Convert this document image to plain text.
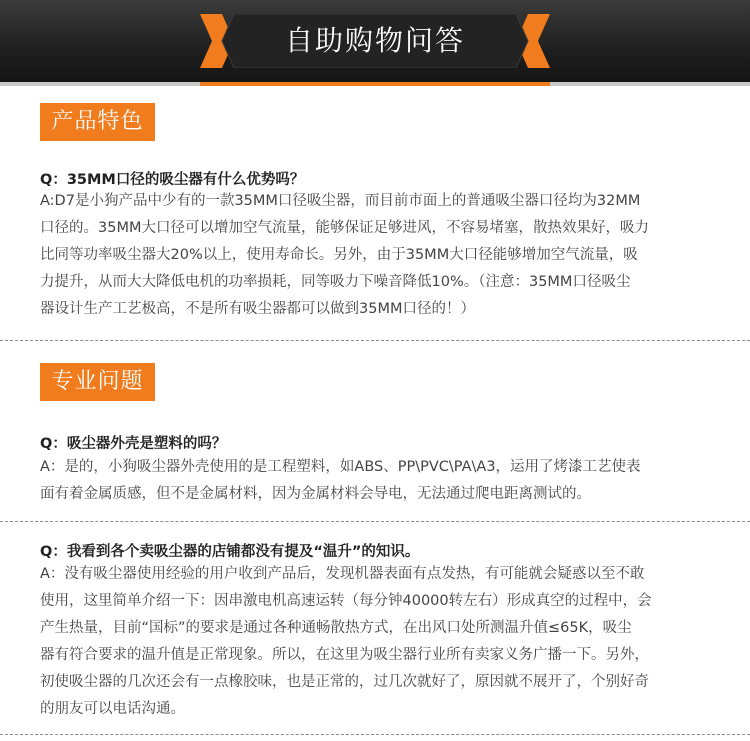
自助购物问答
产品特色
Q：35MM口径的吸尘器有什么优势吗？
A:D7是小狗产品中少有的一款35MM口径吸尘器，而目前市面上的普通吸尘器口径均为32MM
口径的。35MM大口径可以增加空气流量，能够保证足够进风，不容易堵塞，散热效果好，吸力
比同等功率吸尘器大20%以上，使用寿命长。另外，由于35MM大口径能够增加空气流量，吸
力提升，从而大大降低电机的功率损耗，同等吸力下噪音降低10%。（注意：35MM口径吸尘
器设计生产工艺极高，不是所有吸尘器都可以做到35MM口径的！）
专业问题
Q：吸尘器外壳是塑料的吗？
A：是的，小狗吸尘器外壳使用的是工程塑料，如ABS、PP\PVC\PA\A3，运用了烤漆工艺使表
面有着金属质感，但不是金属材料，因为金属材料会导电，无法通过爬电距离测试的。
Q：我看到各个卖吸尘器的店铺都没有提及“温升”的知识。
A：没有吸尘器使用经验的用户收到产品后，发现机器表面有点发热，有可能就会疑惑以至不敢
使用，这里简单介绍一下：因串激电机高速运转（每分钟40000转左右）形成真空的过程中，会
产生热量，目前“国标”的要求是通过各种通畅散热方式，在出风口处所测温升值≤65K，吸尘
器有符合要求的温升值是正常现象。所以，在这里为吸尘器行业所有卖家义务广播一下。另外，
初使吸尘器的几次还会有一点橡胶味，也是正常的，过几次就好了，原因就不展开了，个别好奇
的朋友可以电话沟通。
